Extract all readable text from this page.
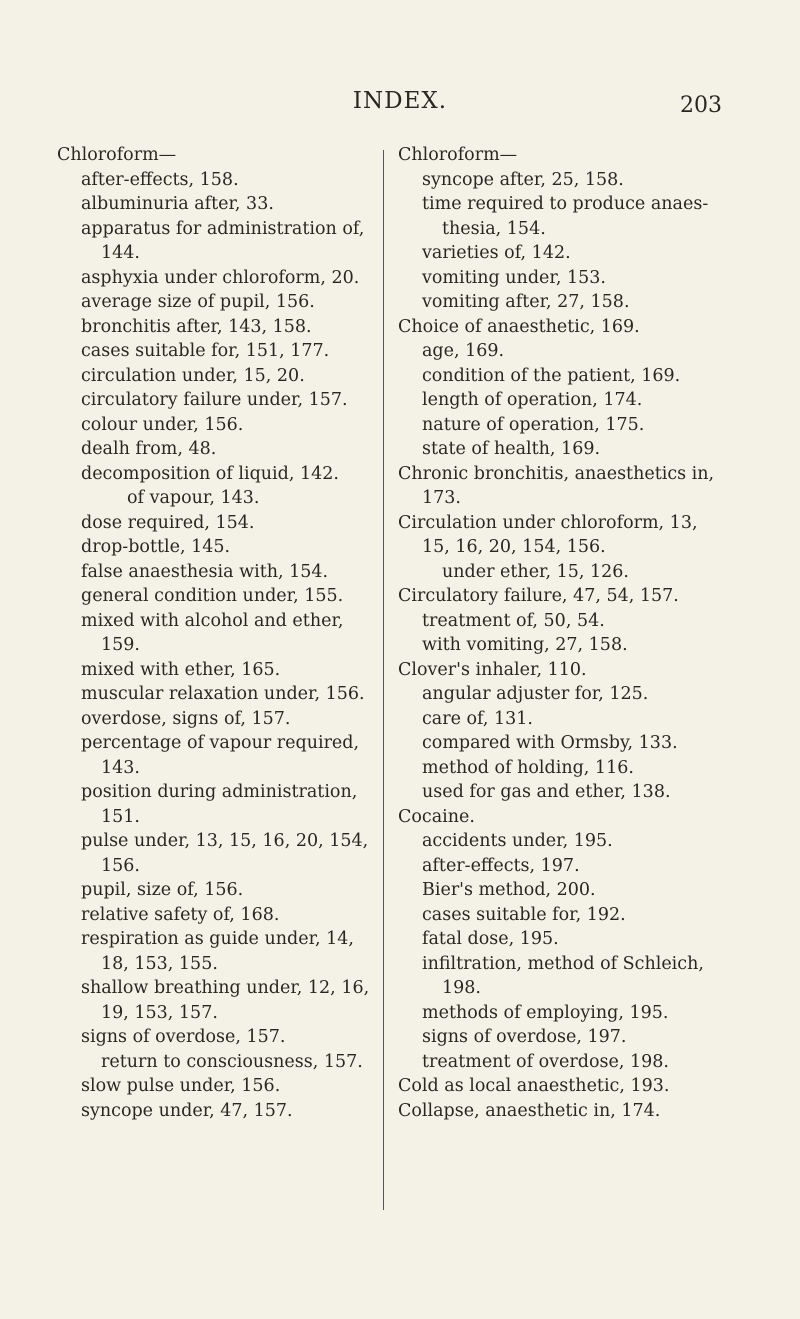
INDEX.	203
Chloroform—
after-effects, 158.
albuminuria after, 33.
apparatus for administration of,
144.
asphyxia under chloroform, 20.
average size of pupil, 156.
bronchitis after, 143, 158.
cases suitable for, 151, 177.
circulation under, 15, 20.
circulatory failure under, 157.
colour under, 156.
dealh from, 48.
decomposition of liquid, 142.
of vapour, 143.
dose required, 154.
drop-bottle, 145.
false anaesthesia with, 154.
general condition under, 155.
mixed with alcohol and ether,
159.
mixed with ether, 165.
muscular relaxation under, 156.
overdose, signs of, 157.
percentage of vapour required,
143.
position during administration,
151.
pulse under, 13, 15, 16, 20, 154,
156.
pupil, size of, 156.
relative safety of, 168.
respiration as guide under, 14,
18, 153, 155.
shallow breathing under, 12, 16,
19, 153, 157.
signs of overdose, 157.
return to consciousness, 157.
slow pulse under, 156.
syncope under, 47, 157.
Chloroform—
syncope after, 25, 158.
time required to produce anaes-
thesia, 154.
varieties of, 142.
vomiting under, 153.
vomiting after, 27, 158.
Choice of anaesthetic, 169.
age, 169.
condition of the patient, 169.
length of operation, 174.
nature of operation, 175.
state of health, 169.
Chronic bronchitis, anaesthetics in,
173.
Circulation under chloroform, 13,
15, 16, 20, 154, 156.
under ether, 15, 126.
Circulatory failure, 47, 54, 157.
treatment of, 50, 54.
with vomiting, 27, 158.
Clover's inhaler, 110.
angular adjuster for, 125.
care of, 131.
compared with Ormsby, 133.
method of holding, 116.
used for gas and ether, 138.
Cocaine.
accidents under, 195.
after-effects, 197.
Bier's method, 200.
cases suitable for, 192.
fatal dose, 195.
infiltration, method of Schleich,
198.
methods of employing, 195.
signs of overdose, 197.
treatment of overdose, 198.
Cold as local anaesthetic, 193.
Collapse, anaesthetic in, 174.
